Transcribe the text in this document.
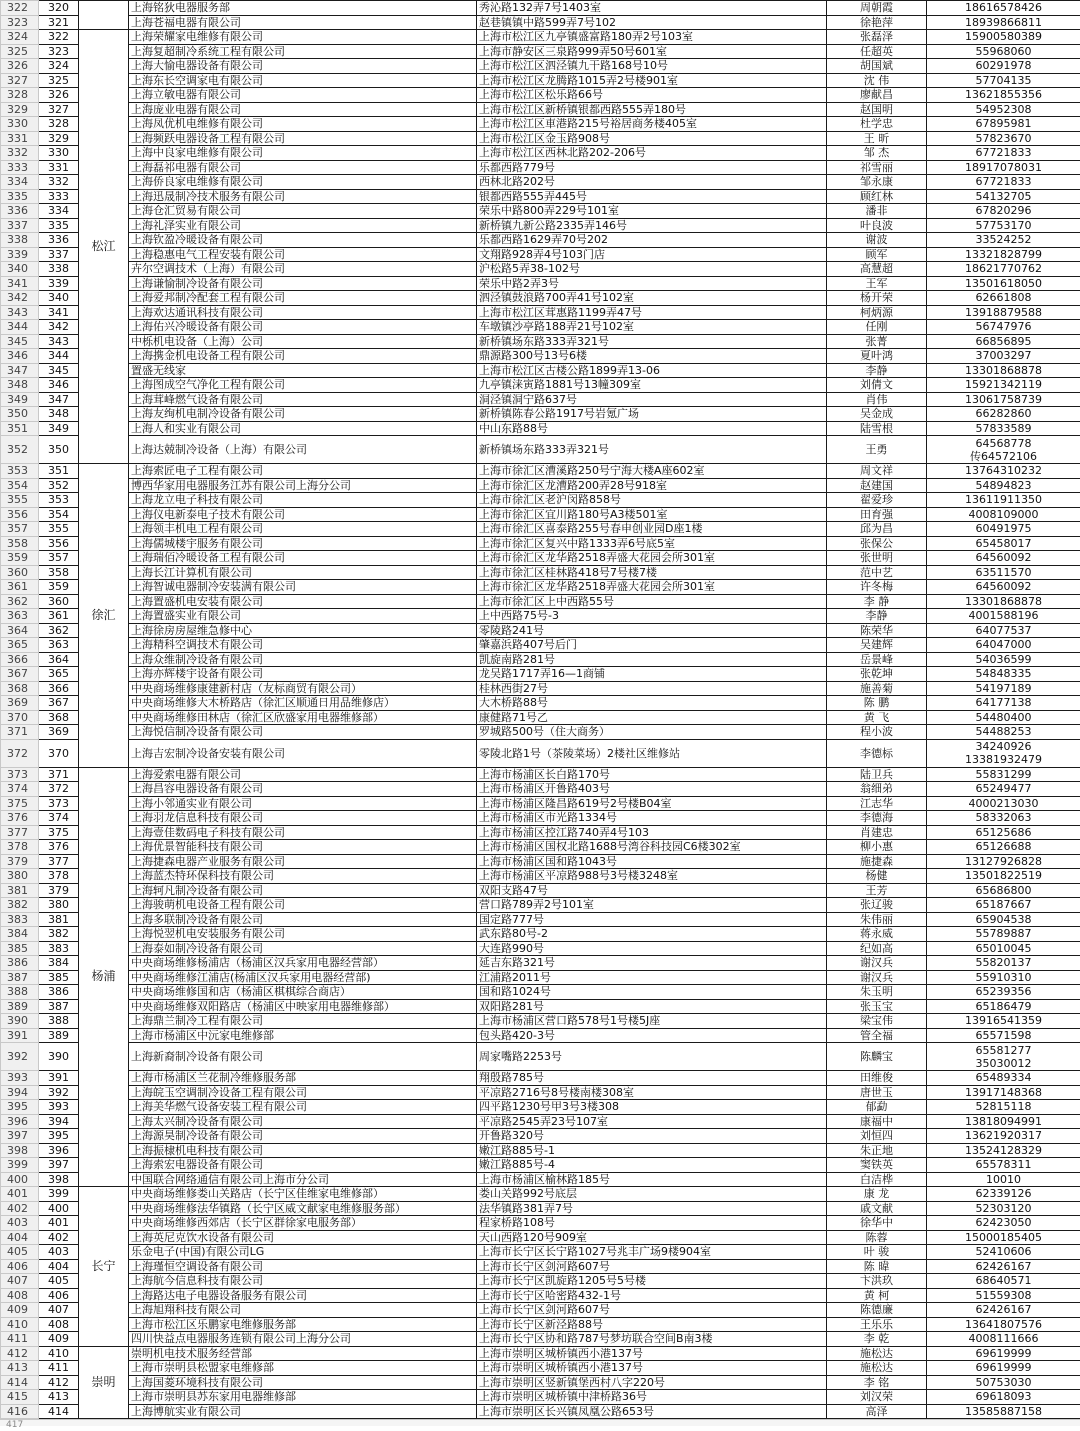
322	320		上海铭狄电器服务部	秀沁路132弄7号1403室	周朝霞	18616578426

323	321		上海苍福电器有限公司	赵巷镇镇中路599弄7号102	徐艳萍	18939866811

324	322	松江	上海荣耀家电维修有限公司	上海市松江区九亭镇盛富路180弄2号103室	张磊泽	15900580389

325	323		上海复超制冷系统工程有限公司	上海市静安区三泉路999弄50号601室	任超英	55968060

326	324		上海大愉电器设备有限公司	上海市松江区泗泾镇九干路168号10号	胡国斌	60291978

327	325		上海东长空调家电有限公司	上海市松江区龙腾路1015弄2号楼901室	沈 伟	57704135

328	326		上海立敏电器有限公司	上海市松江区松乐路66号	廖献昌	13621855356

329	327		上海庞业电器有限公司	上海市松江区新桥镇银都西路555弄180号	赵国明	54952308

330	328		上海凤优机电维修有限公司	上海市松江区車港路215号裕居商务楼405室	杜学忠	67895981

331	329		上海频跃电器设备工程有限公司	上海市松江区金玉路908号	王 昕	57823670

332	330		上海中良家电维修有限公司	上海市松江区西林北路202-206号	邹 杰	67721833

333	331		上海磊祁电器有限公司	乐都西路779号	祁雪丽	18917078031

334	332		上海侨良家电维修有限公司	西林北路202号	邹永康	67721833

335	333		上海迅晟制冷技术服务有限公司	银都西路555弄445号	顾红林	54132705

336	334		上海仓汇贸易有限公司	荣乐中路800弄229号101室	潘非	67820296

337	335		上海礼泽实业有限公司	新桥镇九新公路2335弄146号	叶良波	57753170

338	336		上海钦盈冷暖设备有限公司	乐都西路1629弄70号202	谢波	33524252

339	337		上海稳惠电气工程安装有限公司	文翔路928弄4号103门店	顾军	13321828799

340	338		卉尔空调技术（上海）有限公司	沪松路5弄38-102号	高慧超	18621770762

341	339		上海谦愉制冷设备有限公司	荣乐中路2弄3号	王军	13501618050

342	340		上海爱邦制冷配套工程有限公司	泗泾镇鼓浪路700弄41号102室	杨开荣	62661808

343	341		上海欢达通讯科技有限公司	上海市松江区茸惠路1199弄47号	柯炳源	13918879588

344	342		上海佑兴冷暖设备有限公司	车墩镇沙亭路188弄21号102室	任刚	56747976

345	343		中栎机电设备（上海）公司	新桥镇场东路333弄321号	张菁	66856895

346	344		上海携金机电设备工程有限公司	鼎源路300号13号6楼	夏叶鸿	37003297

347	345		置盛无线家	上海市松江区古楼公路1899弄13-06	李静	13301868878

348	346		上海图成空气净化工程有限公司	九亭镇涞寅路1881号13幢309室	刘倩文	15921342119

349	347		上海茸峰燃气设备有限公司	洞泾镇洞宁路637号	肖伟	13061758739

350	348		上海友绚机电制冷设备有限公司	新桥镇陈春公路1917号岩氪广场	吴金成	66282860

351	349		上海人和实业有限公司	中山东路88号	陆雪根	57833589

352	350		上海达兢制冷设备（上海）有限公司	新桥镇场东路333弄321号	王勇	64568778
传64572106

353	351	徐汇	上海索匠电子工程有限公司	上海市徐汇区漕溪路250号宁海大楼A座602室	周文祥	13764310232

354	352		博西华家用电器服务江苏有限公司上海分公司	上海市徐汇区龙漕路200弄28号918室	赵建国	54894823

355	353		上海龙立电子科技有限公司	上海市徐汇区老沪闵路858号	翟爱珍	13611911350

356	354		上海仪电新泰电子技术有限公司	上海市徐汇区宜川路180号A3楼501室	田育强	4008109000

357	355		上海领丰机电工程有限公司	上海市徐汇区喜泰路255号春申创业园D座1楼	邱为昌	60491975

358	356		上海儒城楼宇服务有限公司	上海市徐汇区复兴中路1333弄6号底5室	张保公	65458017

359	357		上海瑞佰冷暖设备工程有限公司	上海市徐汇区龙华路2518弄盛大花园会所301室	张世明	64560092

360	358		上海长江计算机有限公司	上海市徐汇区桂林路418号7号楼7楼	范中艺	63511570

361	359		上海智诚电器制冷安装满有限公司	上海市徐汇区龙华路2518弄盛大花园会所301室	许冬梅	64560092

362	360		上海置盛机电安装有限公司	上海市徐汇区上中西路55号	李 静	13301868878

363	361		上海置盛实业有限公司	上中西路75号-3	李静	4001588196

364	362		上海徐房房屋维急修中心	零陵路241号	陈荣华	64077537

365	363		上海精科空调技术有限公司	肇嘉浜路407号后门	吴建辉	64047000

366	364		上海众维制冷设备有限公司	凯旋南路281号	岳景峰	54036599

367	365		上海亦辉楼宇设备有限公司	龙吴路1717弄16—1商铺	张乾坤	54848335

368	366		中央商场维修康建新村店（友标商贸有限公司）	桂林西街27号	施善菊	54197189

369	367		中央商场维修大木桥路店（徐汇区顺通日用品维修店）	大木桥路88号	陈 鹏	64177138

370	368		中央商场维修田林店（徐汇区欣盛家用电器维修部）	康健路71号乙	黄 飞	54480400

371	369		上海悦信制冷设备有限公司	罗城路500号（住大商务）	程小波	54488253

372	370		上海吉宏制冷设备安装有限公司	零陵北路1号（茶陵菜场）2楼社区维修站	李德标	34240926
13381932479

373	371	杨浦	上海爱索电器有限公司	上海市杨浦区长白路170号	陆卫兵	55831299

374	372		上海昌容电器设备有限公司	上海市杨浦区开鲁路403号	翁细弟	65249477

375	373		上海小邻通实业有限公司	上海市杨浦区隆昌路619号2号楼B04室	江志华	4000213030

376	374		上海羽龙信息科技有限公司	上海市杨浦区市光路1334号	李德海	58332063

377	375		上海壹佳数码电子科技有限公司	上海市杨浦区控江路740弄4号103	肖建忠	65125686

378	376		上海优景智能科技有限公司	上海市杨浦区国权北路1688号湾谷科技园C6楼302室	柳小惠	65126688

379	377		上海捷森电器产业服务有限公司	上海市杨浦区国和路1043号	施捷森	13127926828

380	378		上海蓝杰特环保科技有限公司	上海市杨浦区平凉路988号3号楼3248室	杨健	13501822519

381	379		上海轲凡制冷设备有限公司	双阳支路47号	王芳	65686800

382	380		上海骏萌机电设备工程有限公司	营口路789弄2号101室	张辽骏	65187667

383	381		上海多联制冷设备有限公司	国定路777号	朱伟丽	65904538

384	382		上海悦翌机电安装服务有限公司	武东路80号-2	蒋永威	55789887

385	383		上海泰如制冷设备有限公司	大连路990号	纪如高	65010045

386	384		中央商场维修杨浦店（杨浦区汉兵家用电器经营部）	延吉东路321号	谢汉兵	55820137

387	385		中央商场维修江浦店(杨浦区汉兵家用电器经营部)	江浦路2011号	谢汉兵	55910310

388	386		中央商场维修国和店（杨浦区棋棋综合商店）	国和路1024号	朱玉明	65239356

389	387		中央商场维修双阳路店（杨浦区中映家用电器维修部）	双阳路281号	张玉宝	65186479

390	388		上海鼎兰制冷工程有限公司	上海市杨浦区营口路578号1号楼5J座	梁宝伟	13916541359

391	389		上海市杨浦区中沅家电维修部	包头路420-3号	管全福	65571598

392	390		上海新裔制冷设备有限公司	周家嘴路2253号	陈麟宝	65581277
35030012

393	391		上海市杨浦区兰花制冷维修服务部	翔殷路785号	田维俊	65489334

394	392		上海皖玉空调制冷设备工程有限公司	平凉路2716号8号楼南楼308室	唐世玉	13917148368

395	393		上海美华燃气设备安装工程有限公司	四平路1230号甲3号3楼308	郁勐	52815118

396	394		上海太兴制冷设备有限公司	平凉路2545弄23号107室	康福中	13818094991

397	395		上海源昊制冷设备有限公司	开鲁路320号	刘恒四	13621920317

398	396		上海振棣机电科技有限公司	嫩江路885号-1	朱正地	13524128329

399	397		上海索宏电器设备有限公司	嫩江路885号-4	窦铁英	65578311

400	398		中国联合网络通信有限公司上海市分公司	上海市杨浦区榆林路185号	白洁桦	10010

401	399	长宁	中央商场维修娄山关路店（长宁区佳维家电维修部）	娄山关路992号底层	康 龙	62339126

402	400		中央商场维修法华镇路（长宁区威文献家电维修服务部）	法华镇路381弄7号	戚文献	52303120

403	401		中央商场维修西郊店（长宁区群徐家电服务部）	程家桥路108号	徐华中	62423050

404	402		上海英尼克饮水设备有限公司	天山西路120号909室	陈蓉	15000185405

405	403		乐金电子(中国)有限公司LG	上海市长宁区长宁路1027号兆丰广场9楼904室	叶 骏	52410606

406	404		上海瑾恒空调设备有限公司	上海市长宁区剑河路607号	陈 暐	62426167

407	405		上海航今信息科技有限公司	上海市长宁区凯旋路1205号5号楼	卞洪玖	68640571

408	406		上海路达电子电器设备服务有限公司	上海市长宁区哈密路432-1号	黄 柯	51559308

409	407		上海旭翔科技有限公司	上海市长宁区剑河路607号	陈德廉	62426167

410	408		上海市松江区乐鹏家电维修服务部	上海市长宁区新泾路88号	王乐乐	13641807576

411	409		四川快益点电器服务连锁有限公司上海分公司	上海市长宁区协和路787号梦坊联合空间B南3楼	李 乾	4008111666

412	410	崇明	崇明机电技术服务经营部	上海市崇明区城桥镇西小港137号	施松达	69619999

413	411		上海市崇明县松盟家电维修部	上海市崇明区城桥镇西小港137号	施松达	69619999

414	412		上海国菱环境科技有限公司	上海市崇明区竖新镇堡西村八字220号	李 铭	50753030

415	413		上海市崇明县苏东家用电器维修部	上海市崇明区城桥镇中津桥路36号	刘汉荣	69618093

416	414		上海博航实业有限公司	上海市崇明区长兴镇凤凰公路653号	高泽	13585887158
417
